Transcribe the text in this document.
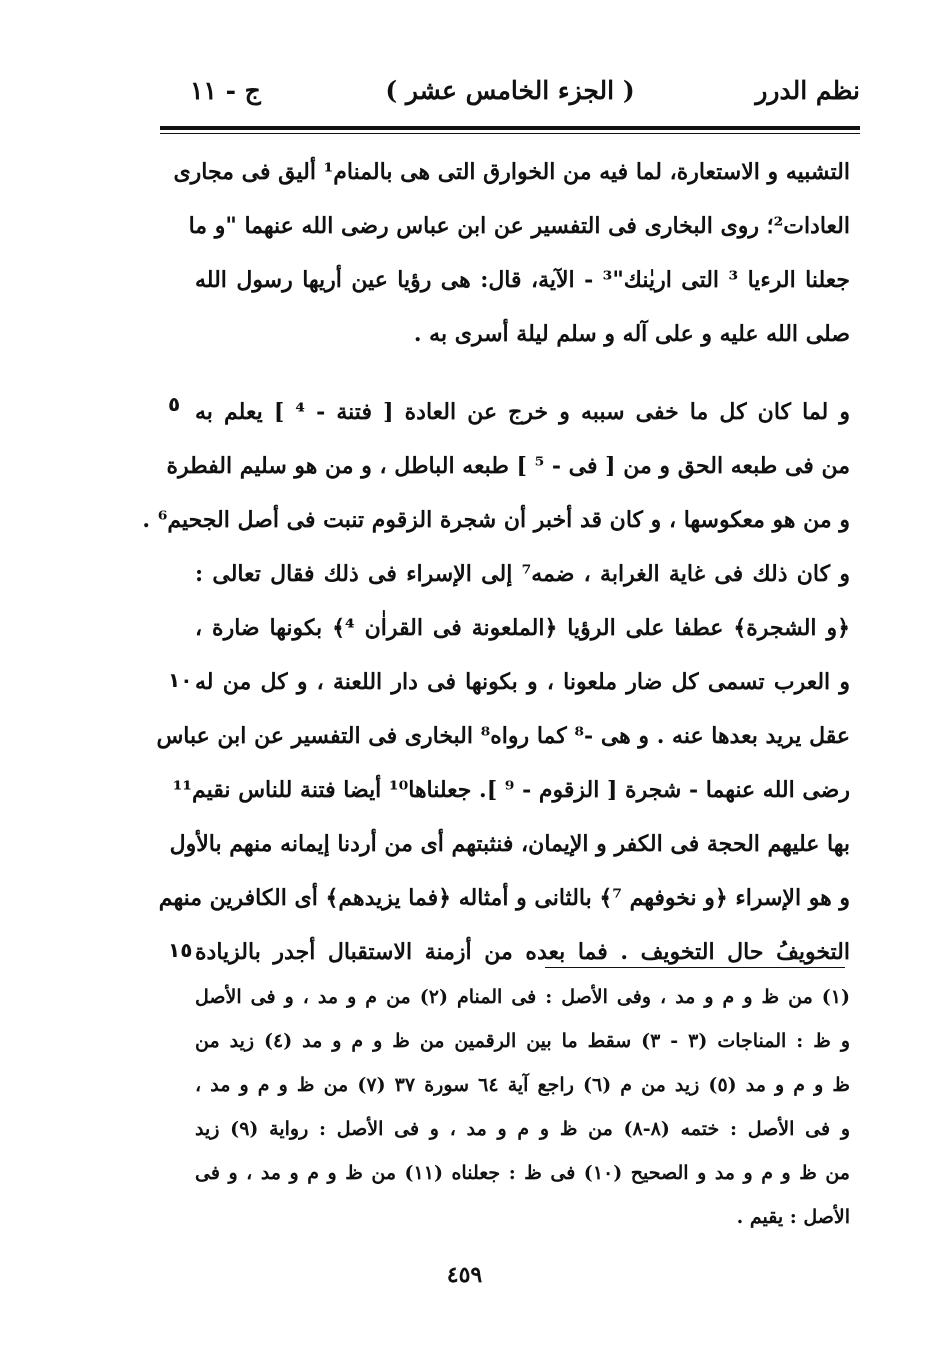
نظم الدرر
( الجزء الخامس عشر )
ج - ١١
التشبيه و الاستعارة، لما فيه من الخوارق التى هى بالمنام¹ أليق فى مجارى
العادات²؛ روى البخارى فى التفسير عن ابن عباس رضى الله عنهما "و ما
جعلنا الرءيا ³ التى اريٰنك"³ - الآية، قال: هى رؤيا عين أريها رسول الله
صلى الله عليه و على آله و سلم ليلة أسرى به .
و لما كان كل ما خفى سببه و خرج عن العادة [ فتنة - ⁴ ] يعلم به
من فى طبعه الحق و من [ فى - ⁵ ] طبعه الباطل ، و من هو سليم الفطرة
و من هو معكوسها ، و كان قد أخبر أن شجرة الزقوم تنبت فى أصل الجحيم⁶ .
و كان ذلك فى غاية الغرابة ، ضمه⁷ إلى الإسراء فى ذلك فقال تعالى :
﴿و الشجرة﴾ عطفا على الرؤيا ﴿الملعونة فى القراٰن ⁴﴾ بكونها ضارة ،
و العرب تسمى كل ضار ملعونا ، و بكونها فى دار اللعنة ، و كل من له
عقل يريد بعدها عنه . و هى -⁸ كما رواه⁸ البخارى فى التفسير عن ابن عباس
رضى الله عنهما - شجرة [ الزقوم - ⁹ ]. جعلناها¹⁰ أيضا فتنة للناس نقيم¹¹
بها عليهم الحجة فى الكفر و الإيمان، فنثبتهم أى من أردنا إيمانه منهم بالأول
و هو الإسراء ﴿و نخوفهم ⁷﴾ بالثانى و أمثاله ﴿فما يزيدهم﴾ أى الكافرين منهم
التخويفُ حال التخويف . فما بعده من أزمنة الاستقبال أجدر بالزيادة
٥
١٠
١٥
(١) من ظ و م و مد ، وفى الأصل : فى المنام (٢) من م و مد ، و فى الأصل
و ظ : المناجات (٣ - ٣) سقط ما بين الرقمين من ظ و م و مد (٤) زيد من
ظ و م و مد (٥) زيد من م (٦) راجع آية ٦٤ سورة ٣٧ (٧) من ظ و م و مد ،
و فى الأصل : ختمه (٨-٨) من ظ و م و مد ، و فى الأصل : رواية (٩) زيد
من ظ و م و مد و الصحيح (١٠) فى ظ : جعلناه (١١) من ظ و م و مد ، و فى
الأصل : يقيم .
٤٥٩
